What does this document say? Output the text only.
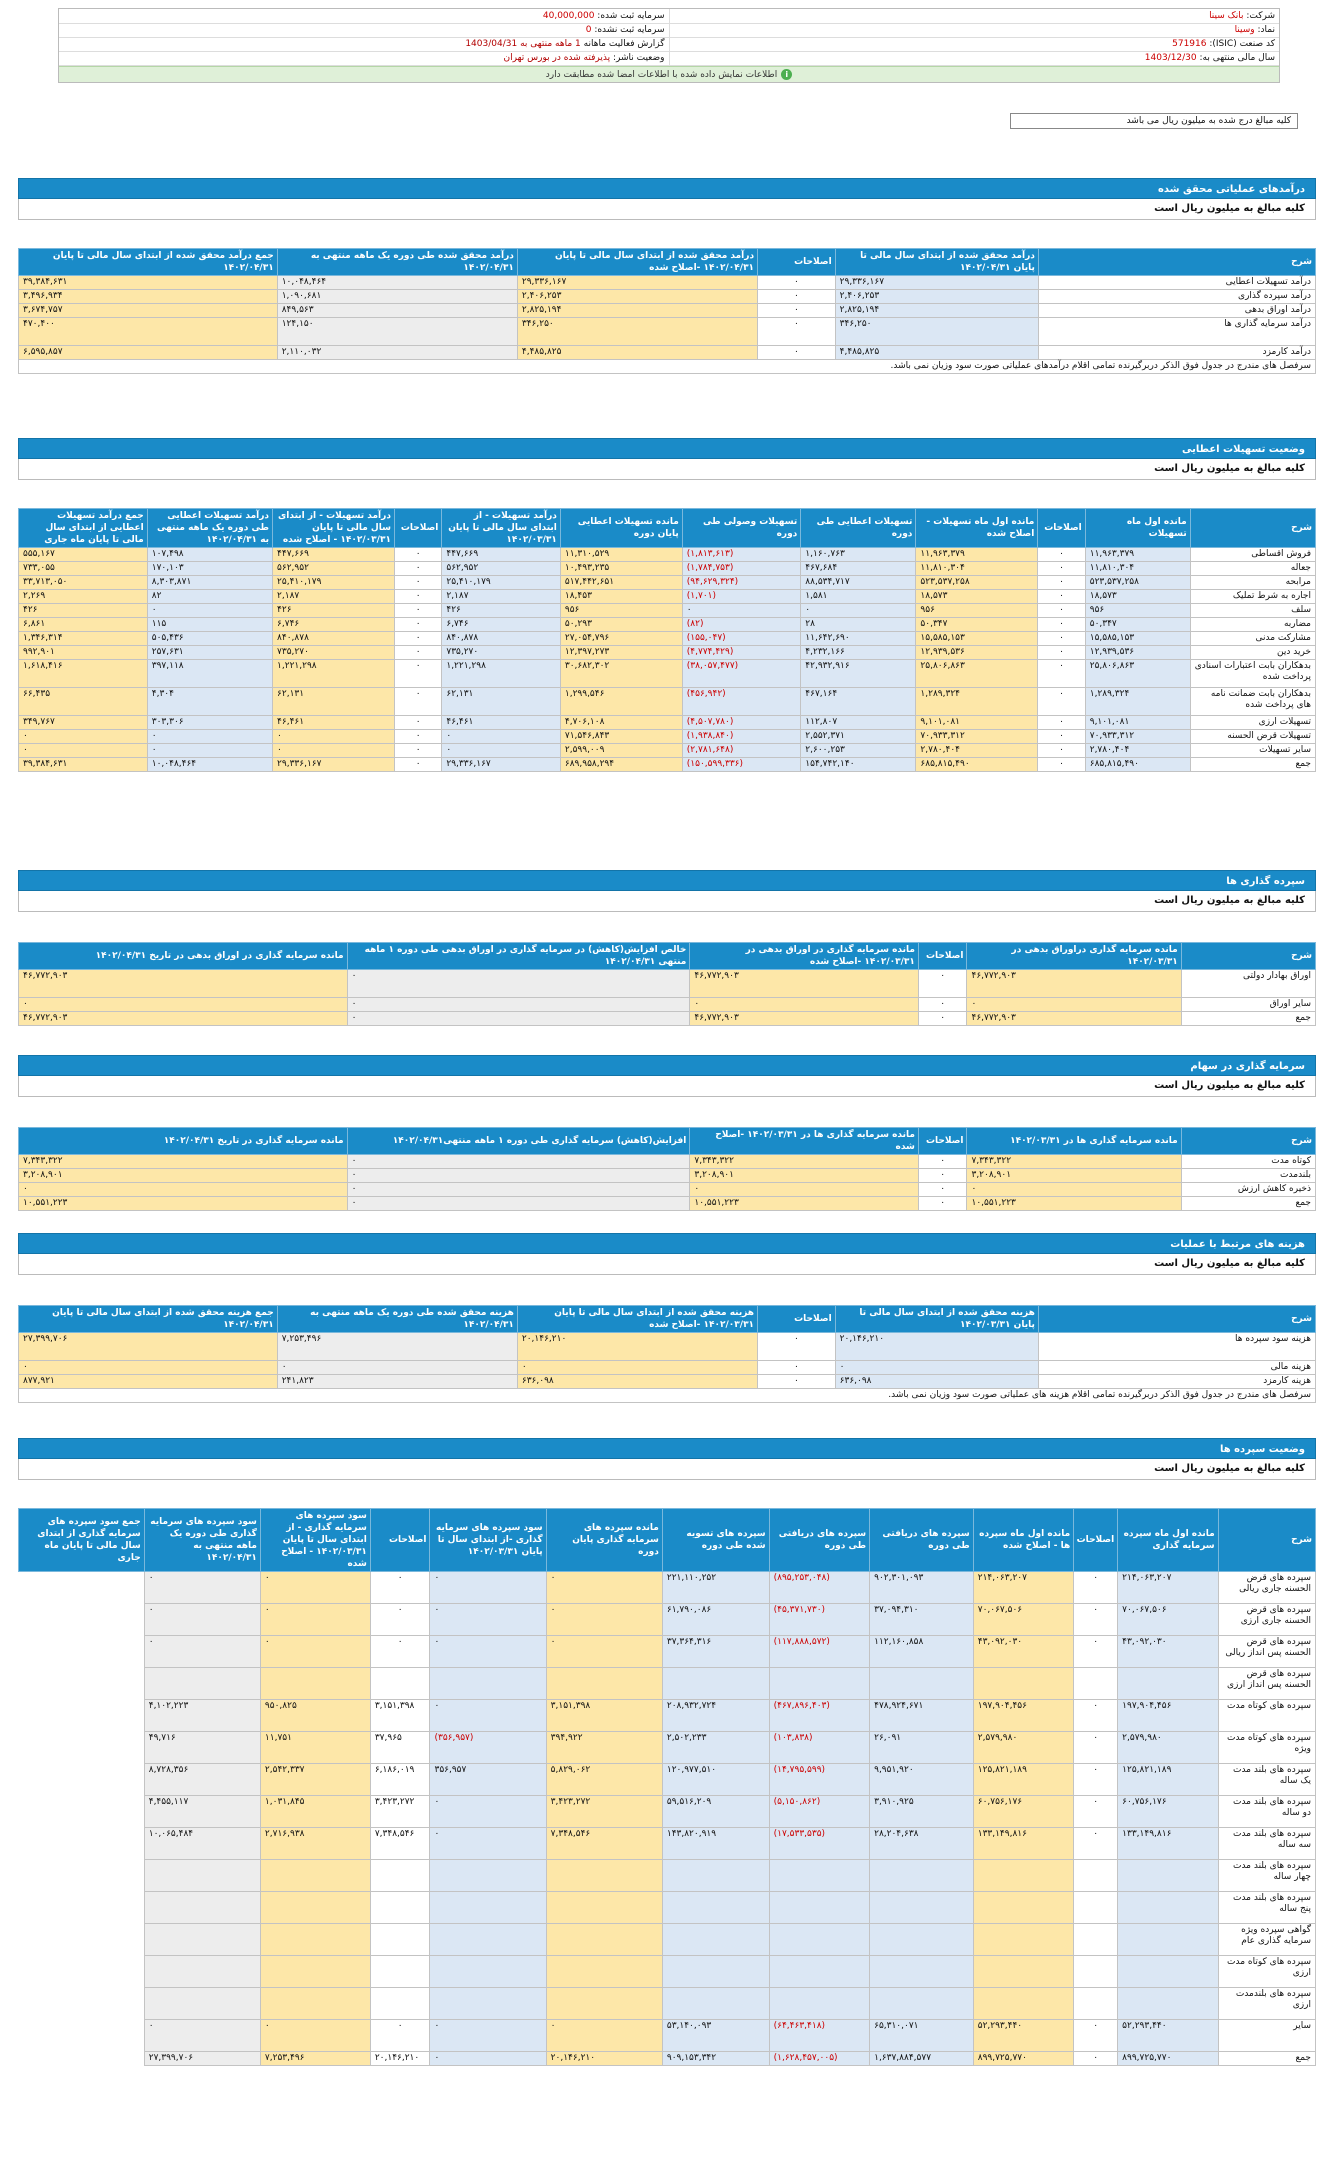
شرکت: بانک سینا	سرمایه ثبت شده: 40,000,000
نماد: وسینا	سرمایه ثبت نشده: 0
کد صنعت (ISIC): 571916	گزارش فعالیت ماهانه 1 ماهه منتهی به 1403/04/31
سال مالی منتهی به: 1403/12/30	وضعیت ناشر: پذیرفته شده در بورس تهران
iاطلاعات نمایش داده شده با اطلاعات امضا شده مطابقت دارد
کلیه مبالغ درج شده به میلیون ریال می باشد
درآمدهای عملیاتی محقق شده
کلیه مبالغ به میلیون ریال است
شرح	درآمد محقق شده از ابتدای سال مالی تا پایان ۱۴۰۲/۰۴/۳۱	اصلاحات	درآمد محقق شده از ابتدای سال مالی تا پایان ۱۴۰۲/۰۴/۳۱ -اصلاح شده	درآمد محقق شده طی دوره یک ماهه منتهی به ۱۴۰۲/۰۴/۳۱	جمع درآمد محقق شده از ابتدای سال مالی تا پایان ۱۴۰۲/۰۴/۳۱
درآمد تسهیلات اعطایی	۲۹,۳۳۶,۱۶۷	۰	۲۹,۳۳۶,۱۶۷	۱۰,۰۴۸,۴۶۴	۳۹,۳۸۴,۶۳۱
درآمد سپرده گذاری	۲,۴۰۶,۲۵۳	۰	۲,۴۰۶,۲۵۳	۱,۰۹۰,۶۸۱	۳,۴۹۶,۹۳۴
درآمد اوراق بدهی	۲,۸۲۵,۱۹۴	۰	۲,۸۲۵,۱۹۴	۸۴۹,۵۶۳	۳,۶۷۴,۷۵۷
درآمد سرمایه گذاری ها	۳۴۶,۲۵۰	۰	۳۴۶,۲۵۰	۱۲۴,۱۵۰	۴۷۰,۴۰۰
درآمد کارمزد	۴,۴۸۵,۸۲۵	۰	۴,۴۸۵,۸۲۵	۲,۱۱۰,۰۳۲	۶,۵۹۵,۸۵۷
سرفصل های مندرج در جدول فوق الذکر دربرگیرنده تمامی اقلام درآمدهای عملیاتی صورت سود وزیان نمی باشد.					
وضعیت تسهیلات اعطایی
کلیه مبالغ به میلیون ریال است
شرح	مانده اول ماه تسهیلات	اصلاحات	مانده اول ماه تسهیلات - اصلاح شده	تسهیلات اعطایی طی دوره	تسهیلات وصولی طی دوره	مانده تسهیلات اعطایی پایان دوره	درآمد تسهیلات - از ابتدای سال مالی تا پایان ۱۴۰۲/۰۳/۳۱	اصلاحات	درآمد تسهیلات - از ابتدای سال مالی تا پایان ۱۴۰۲/۰۳/۳۱ - اصلاح شده	درآمد تسهیلات اعطایی طی دوره یک ماهه منتهی به ۱۴۰۲/۰۴/۳۱	جمع درآمد تسهیلات اعطایی از ابتدای سال مالی تا پایان ماه جاری
فروش اقساطی	۱۱,۹۶۳,۳۷۹	۰	۱۱,۹۶۳,۳۷۹	۱,۱۶۰,۷۶۳	(۱,۸۱۳,۶۱۳)	۱۱,۳۱۰,۵۲۹	۴۴۷,۶۶۹	۰	۴۴۷,۶۶۹	۱۰۷,۴۹۸	۵۵۵,۱۶۷
جعاله	۱۱,۸۱۰,۳۰۴	۰	۱۱,۸۱۰,۳۰۴	۴۶۷,۶۸۴	(۱,۷۸۴,۷۵۳)	۱۰,۴۹۳,۲۳۵	۵۶۲,۹۵۲	۰	۵۶۲,۹۵۲	۱۷۰,۱۰۳	۷۳۳,۰۵۵
مرابحه	۵۲۳,۵۳۷,۲۵۸	۰	۵۲۳,۵۳۷,۲۵۸	۸۸,۵۳۴,۷۱۷	(۹۴,۶۲۹,۳۲۴)	۵۱۷,۴۴۲,۶۵۱	۲۵,۴۱۰,۱۷۹	۰	۲۵,۴۱۰,۱۷۹	۸,۳۰۳,۸۷۱	۳۳,۷۱۳,۰۵۰
اجاره به شرط تملیک	۱۸,۵۷۳	۰	۱۸,۵۷۳	۱,۵۸۱	(۱,۷۰۱)	۱۸,۴۵۳	۲,۱۸۷	۰	۲,۱۸۷	۸۲	۲,۲۶۹
سلف	۹۵۶	۰	۹۵۶	۰	۰	۹۵۶	۴۲۶	۰	۴۲۶	۰	۴۲۶
مضاربه	۵۰,۳۴۷	۰	۵۰,۳۴۷	۲۸	(۸۲)	۵۰,۲۹۳	۶,۷۴۶	۰	۶,۷۴۶	۱۱۵	۶,۸۶۱
مشارکت مدنی	۱۵,۵۸۵,۱۵۳	۰	۱۵,۵۸۵,۱۵۳	۱۱,۶۴۲,۶۹۰	(۱۵۵,۰۴۷)	۲۷,۰۵۴,۷۹۶	۸۴۰,۸۷۸	۰	۸۴۰,۸۷۸	۵۰۵,۴۳۶	۱,۳۴۶,۳۱۴
خرید دین	۱۲,۹۳۹,۵۳۶	۰	۱۲,۹۳۹,۵۳۶	۴,۲۳۲,۱۶۶	(۴,۷۷۴,۴۲۹)	۱۲,۳۹۷,۲۷۳	۷۳۵,۲۷۰	۰	۷۳۵,۲۷۰	۲۵۷,۶۳۱	۹۹۲,۹۰۱
بدهکاران بابت اعتبارات اسنادی پرداخت شده	۲۵,۸۰۶,۸۶۳	۰	۲۵,۸۰۶,۸۶۳	۴۲,۹۳۲,۹۱۶	(۳۸,۰۵۷,۴۷۷)	۳۰,۶۸۲,۳۰۲	۱,۲۲۱,۲۹۸	۰	۱,۲۲۱,۲۹۸	۳۹۷,۱۱۸	۱,۶۱۸,۴۱۶
بدهکاران بابت ضمانت نامه های پرداخت شده	۱,۲۸۹,۳۲۴	۰	۱,۲۸۹,۳۲۴	۴۶۷,۱۶۴	(۴۵۶,۹۴۲)	۱,۲۹۹,۵۴۶	۶۲,۱۳۱	۰	۶۲,۱۳۱	۴,۳۰۴	۶۶,۴۳۵
تسهیلات ارزی	۹,۱۰۱,۰۸۱	۰	۹,۱۰۱,۰۸۱	۱۱۲,۸۰۷	(۴,۵۰۷,۷۸۰)	۴,۷۰۶,۱۰۸	۴۶,۴۶۱	۰	۴۶,۴۶۱	۳۰۳,۳۰۶	۳۴۹,۷۶۷
تسهیلات قرض الحسنه	۷۰,۹۳۳,۳۱۲	۰	۷۰,۹۳۳,۳۱۲	۲,۵۵۲,۳۷۱	(۱,۹۳۸,۸۴۰)	۷۱,۵۴۶,۸۴۳	۰	۰	۰	۰	۰
سایر تسهیلات	۲,۷۸۰,۴۰۴	۰	۲,۷۸۰,۴۰۴	۲,۶۰۰,۲۵۳	(۲,۷۸۱,۶۴۸)	۲,۵۹۹,۰۰۹	۰	۰	۰	۰	۰
جمع	۶۸۵,۸۱۵,۴۹۰	۰	۶۸۵,۸۱۵,۴۹۰	۱۵۴,۷۴۲,۱۴۰	(۱۵۰,۵۹۹,۳۳۶)	۶۸۹,۹۵۸,۲۹۴	۲۹,۳۳۶,۱۶۷	۰	۲۹,۳۳۶,۱۶۷	۱۰,۰۴۸,۴۶۴	۳۹,۳۸۴,۶۳۱
سپرده گذاری ها
کلیه مبالغ به میلیون ریال است
شرح	مانده سرمایه گذاری دراوراق بدهی در ۱۴۰۲/۰۳/۳۱	اصلاحات	مانده سرمایه گذاری در اوراق بدهی در ۱۴۰۲/۰۳/۳۱ -اصلاح شده	خالص افزایش(کاهش) در سرمایه گذاری در اوراق بدهی طی دوره ۱ ماهه منتهی ۱۴۰۲/۰۴/۳۱	مانده سرمایه گذاری در اوراق بدهی در تاریخ ۱۴۰۲/۰۴/۳۱
اوراق بهادار دولتی	۴۶,۷۷۲,۹۰۳	۰	۴۶,۷۷۲,۹۰۳	۰	۴۶,۷۷۲,۹۰۳
سایر اوراق	۰	۰	۰	۰	۰
جمع	۴۶,۷۷۲,۹۰۳	۰	۴۶,۷۷۲,۹۰۳	۰	۴۶,۷۷۲,۹۰۳
سرمایه گذاری در سهام
کلیه مبالغ به میلیون ریال است
شرح	مانده سرمایه گذاری ها در ۱۴۰۲/۰۳/۳۱	اصلاحات	مانده سرمایه گذاری ها در ۱۴۰۲/۰۳/۳۱ -اصلاح شده	افزایش(کاهش) سرمایه گذاری طی دوره ۱ ماهه منتهی۱۴۰۲/۰۴/۳۱	مانده سرمایه گذاری در تاریخ ۱۴۰۲/۰۴/۳۱
کوتاه مدت	۷,۳۴۳,۳۲۲	۰	۷,۳۴۳,۳۲۲	۰	۷,۳۴۳,۳۲۲
بلندمدت	۳,۲۰۸,۹۰۱	۰	۳,۲۰۸,۹۰۱	۰	۳,۲۰۸,۹۰۱
ذخیره کاهش ارزش	۰	۰	۰	۰	۰
جمع	۱۰,۵۵۱,۲۲۳	۰	۱۰,۵۵۱,۲۲۳	۰	۱۰,۵۵۱,۲۲۳
هزینه های مرتبط با عملیات
کلیه مبالغ به میلیون ریال است
شرح	هزینه محقق شده از ابتدای سال مالی تا پایان ۱۴۰۲/۰۳/۳۱	اصلاحات	هزینه محقق شده از ابتدای سال مالی تا پایان ۱۴۰۲/۰۳/۳۱ -اصلاح شده	هزینه محقق شده طی دوره یک ماهه منتهی به ۱۴۰۲/۰۴/۳۱	جمع هزینه محقق شده از ابتدای سال مالی تا پایان ۱۴۰۲/۰۴/۳۱
هزینه سود سپرده ها	۲۰,۱۴۶,۲۱۰	۰	۲۰,۱۴۶,۲۱۰	۷,۲۵۳,۴۹۶	۲۷,۳۹۹,۷۰۶
هزینه مالی	۰	۰	۰	۰	۰
هزینه کارمزد	۶۳۶,۰۹۸	۰	۶۳۶,۰۹۸	۲۴۱,۸۲۳	۸۷۷,۹۲۱
سرفصل های مندرج در جدول فوق الذکر دربرگیرنده تمامی اقلام هزینه های عملیاتی صورت سود وزیان نمی باشد.					
وضعیت سپرده ها
کلیه مبالغ به میلیون ریال است
شرح	مانده اول ماه سپرده سرمایه گذاری	اصلاحات	مانده اول ماه سپرده ها - اصلاح شده	سپرده های دریافتی طی دوره	سپرده های دریافتی طی دوره	سپرده های تسویه شده طی دوره	مانده سپرده های سرمایه گذاری پایان دوره	سود سپرده های سرمایه گذاری -از ابتدای سال تا پایان ۱۴۰۲/۰۳/۳۱	اصلاحات	سود سپرده های سرمایه گذاری - از ابتدای سال تا پایان ۱۴۰۲/۰۳/۳۱ - اصلاح شده	سود سپرده های سرمایه گذاری طی دوره یک ماهه منتهی به ۱۴۰۲/۰۴/۳۱	جمع سود سپرده های سرمایه گذاری از ابتدای سال مالی تا پایان ماه جاری
سپرده های قرض الحسنه جاری ریالی	۲۱۴,۰۶۳,۲۰۷	۰	۲۱۴,۰۶۳,۲۰۷	۹۰۲,۳۰۱,۰۹۳	(۸۹۵,۲۵۳,۰۴۸)	۲۲۱,۱۱۰,۲۵۲	۰	۰	۰	۰	۰	
سپرده های قرض الحسنه جاری ارزی	۷۰,۰۶۷,۵۰۶	۰	۷۰,۰۶۷,۵۰۶	۳۷,۰۹۴,۳۱۰	(۴۵,۳۷۱,۷۳۰)	۶۱,۷۹۰,۰۸۶	۰	۰	۰	۰	۰	
سپرده های قرض الحسنه پس انداز ریالی	۴۳,۰۹۲,۰۳۰	۰	۴۳,۰۹۲,۰۳۰	۱۱۲,۱۶۰,۸۵۸	(۱۱۷,۸۸۸,۵۷۲)	۳۷,۳۶۴,۳۱۶	۰	۰	۰	۰	۰	
سپرده های قرض الحسنه پس انداز ارزی												
سپرده های کوتاه مدت	۱۹۷,۹۰۴,۴۵۶	۰	۱۹۷,۹۰۴,۴۵۶	۴۷۸,۹۲۴,۶۷۱	(۴۶۷,۸۹۶,۴۰۳)	۲۰۸,۹۳۲,۷۲۴	۳,۱۵۱,۳۹۸	۰	۳,۱۵۱,۳۹۸	۹۵۰,۸۲۵	۴,۱۰۲,۲۲۳	
سپرده های کوتاه مدت ویژه	۲,۵۷۹,۹۸۰	۰	۲,۵۷۹,۹۸۰	۲۶,۰۹۱	(۱۰۳,۸۳۸)	۲,۵۰۲,۲۳۳	۳۹۴,۹۲۲	(۳۵۶,۹۵۷)	۳۷,۹۶۵	۱۱,۷۵۱	۴۹,۷۱۶	
سپرده های بلند مدت یک ساله	۱۲۵,۸۲۱,۱۸۹	۰	۱۲۵,۸۲۱,۱۸۹	۹,۹۵۱,۹۲۰	(۱۴,۷۹۵,۵۹۹)	۱۲۰,۹۷۷,۵۱۰	۵,۸۲۹,۰۶۲	۳۵۶,۹۵۷	۶,۱۸۶,۰۱۹	۲,۵۴۲,۳۳۷	۸,۷۲۸,۳۵۶	
سپرده های بلند مدت دو ساله	۶۰,۷۵۶,۱۷۶	۰	۶۰,۷۵۶,۱۷۶	۳,۹۱۰,۹۲۵	(۵,۱۵۰,۸۶۲)	۵۹,۵۱۶,۲۰۹	۳,۴۲۳,۲۷۲	۰	۳,۴۲۳,۲۷۲	۱,۰۳۱,۸۴۵	۴,۴۵۵,۱۱۷	
سپرده های بلند مدت سه ساله	۱۳۳,۱۴۹,۸۱۶	۰	۱۳۳,۱۴۹,۸۱۶	۲۸,۲۰۴,۶۳۸	(۱۷,۵۳۳,۵۳۵)	۱۴۳,۸۲۰,۹۱۹	۷,۳۴۸,۵۴۶	۰	۷,۳۴۸,۵۴۶	۲,۷۱۶,۹۳۸	۱۰,۰۶۵,۴۸۴	
سپرده های بلند مدت چهار ساله												
سپرده های بلند مدت پنج ساله												
گواهی سپرده ویژه سرمایه گذاری عام												
سپرده های کوتاه مدت ارزی												
سپرده های بلندمدت ارزی												
سایر	۵۲,۲۹۳,۴۴۰	۰	۵۲,۲۹۳,۴۴۰	۶۵,۳۱۰,۰۷۱	(۶۴,۴۶۳,۴۱۸)	۵۳,۱۴۰,۰۹۳	۰	۰	۰	۰	۰	
جمع	۸۹۹,۷۲۵,۷۷۰	۰	۸۹۹,۷۲۵,۷۷۰	۱,۶۳۷,۸۸۴,۵۷۷	(۱,۶۲۸,۴۵۷,۰۰۵)	۹۰۹,۱۵۳,۳۴۲	۲۰,۱۴۶,۲۱۰	۰	۲۰,۱۴۶,۲۱۰	۷,۲۵۳,۴۹۶	۲۷,۳۹۹,۷۰۶	
